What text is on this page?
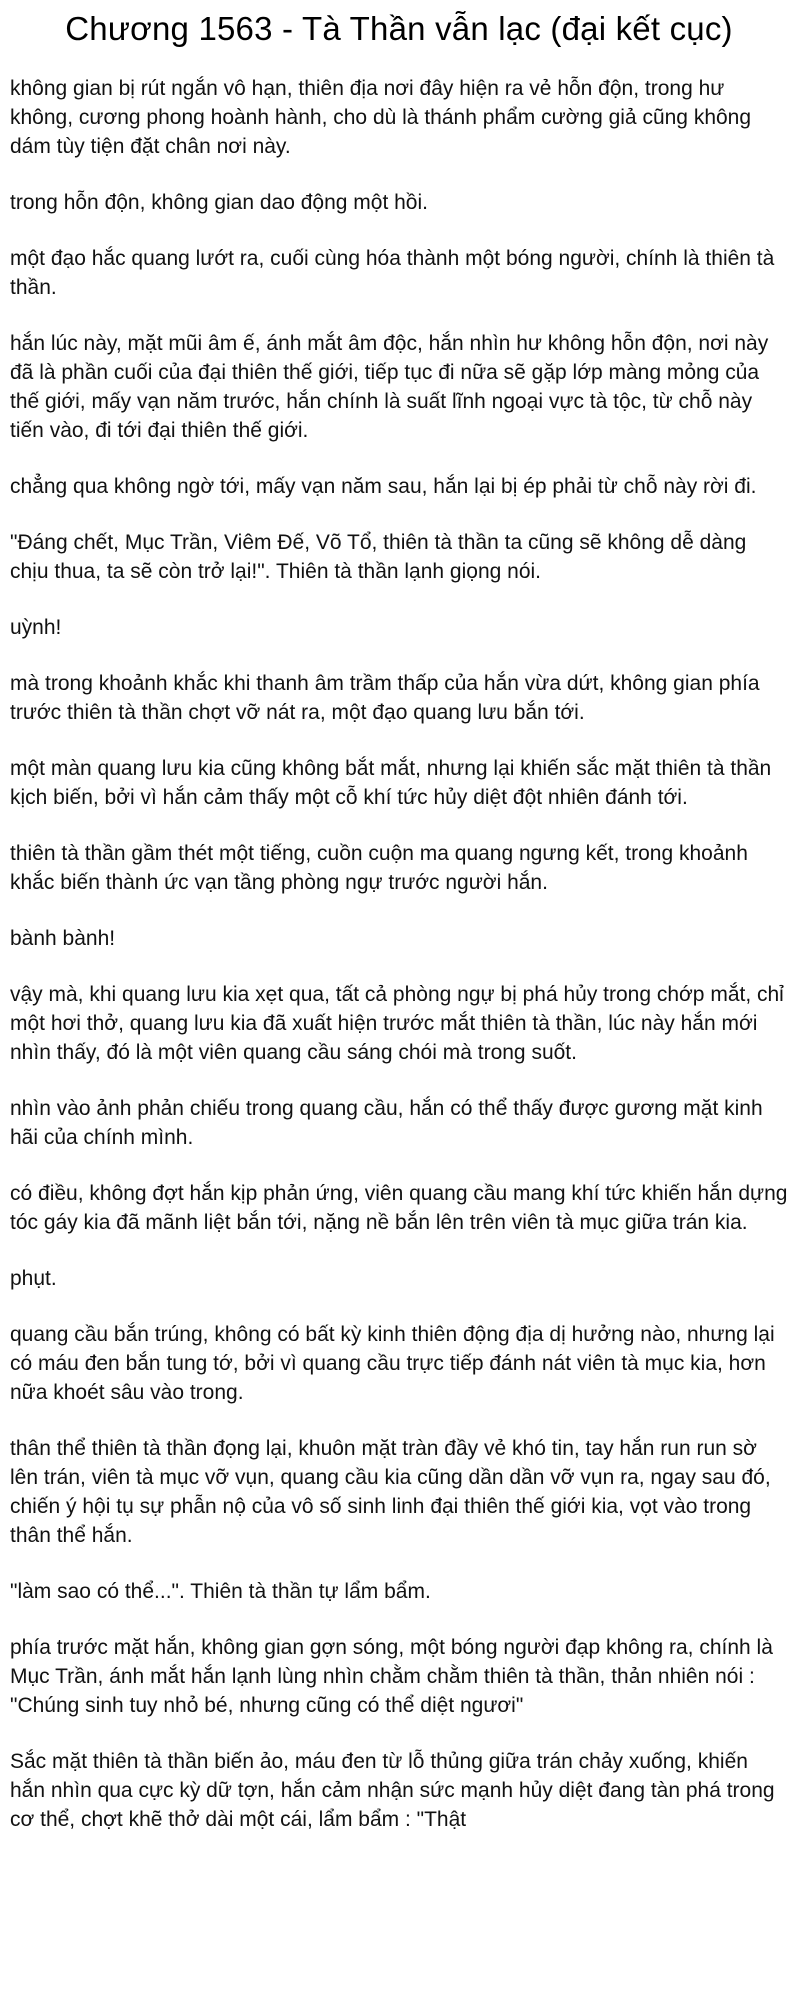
Chương 1563 - Tà Thần vẫn lạc (đại kết cục)

không gian bị rút ngắn vô hạn, thiên địa nơi đây hiện ra vẻ hỗn độn, trong hư không, cương phong hoành hành, cho dù là thánh phẩm cường giả cũng không dám tùy tiện đặt chân nơi này.

trong hỗn độn, không gian dao động một hồi.

một đạo hắc quang lướt ra, cuối cùng hóa thành một bóng người, chính là thiên tà thần.

hắn lúc này, mặt mũi âm ế, ánh mắt âm độc, hắn nhìn hư không hỗn độn, nơi này đã là phần cuối của đại thiên thế giới, tiếp tục đi nữa sẽ gặp lớp màng mỏng của thế giới, mấy vạn năm trước, hắn chính là suất lĩnh ngoại vực tà tộc, từ chỗ này tiến vào, đi tới đại thiên thế giới.

chẳng qua không ngờ tới, mấy vạn năm sau, hắn lại bị ép phải từ chỗ này rời đi.

"Đáng chết, Mục Trần, Viêm Đế, Võ Tổ, thiên tà thần ta cũng sẽ không dễ dàng chịu thua, ta sẽ còn trở lại!". Thiên tà thần lạnh giọng nói.

uỳnh!

mà trong khoảnh khắc khi thanh âm trầm thấp của hắn vừa dứt, không gian phía trước thiên tà thần chợt vỡ nát ra, một đạo quang lưu bắn tới.

một màn quang lưu kia cũng không bắt mắt, nhưng lại khiến sắc mặt thiên tà thần kịch biến, bởi vì hắn cảm thấy một cỗ khí tức hủy diệt đột nhiên đánh tới.

thiên tà thần gầm thét một tiếng, cuồn cuộn ma quang ngưng kết, trong khoảnh khắc biến thành ức vạn tầng phòng ngự trước người hắn.

bành bành!

vậy mà, khi quang lưu kia xẹt qua, tất cả phòng ngự bị phá hủy trong chớp mắt, chỉ một hơi thở, quang lưu kia đã xuất hiện trước mắt thiên tà thần, lúc này hắn mới nhìn thấy, đó là một viên quang cầu sáng chói mà trong suốt.

nhìn vào ảnh phản chiếu trong quang cầu, hắn có thể thấy được gương mặt kinh hãi của chính mình.

có điều, không đợt hắn kịp phản ứng, viên quang cầu mang khí tức khiến hắn dựng tóc gáy kia đã mãnh liệt bắn tới, nặng nề bắn lên trên viên tà mục giữa trán kia.

phụt.

quang cầu bắn trúng, không có bất kỳ kinh thiên động địa dị hưởng nào, nhưng lại có máu đen bắn tung tớ, bởi vì quang cầu trực tiếp đánh nát viên tà mục kia, hơn nữa khoét sâu vào trong.

thân thể thiên tà thần đọng lại, khuôn mặt tràn đầy vẻ khó tin, tay hắn run run sờ lên trán, viên tà mục vỡ vụn, quang cầu kia cũng dần dần vỡ vụn ra, ngay sau đó, chiến ý hội tụ sự phẫn nộ của vô số sinh linh đại thiên thế giới kia, vọt vào trong thân thể hắn.

"làm sao có thể...". Thiên tà thần tự lẩm bẩm.

phía trước mặt hắn, không gian gợn sóng, một bóng người đạp không ra, chính là Mục Trần, ánh mắt hắn lạnh lùng nhìn chằm chằm thiên tà thần, thản nhiên nói : "Chúng sinh tuy nhỏ bé, nhưng cũng có thể diệt ngươi"

Sắc mặt thiên tà thần biến ảo, máu đen từ lỗ thủng giữa trán chảy xuống, khiến hắn nhìn qua cực kỳ dữ tợn, hắn cảm nhận sức mạnh hủy diệt đang tàn phá trong cơ thể, chợt khẽ thở dài một cái, lẩm bẩm : "Thật
